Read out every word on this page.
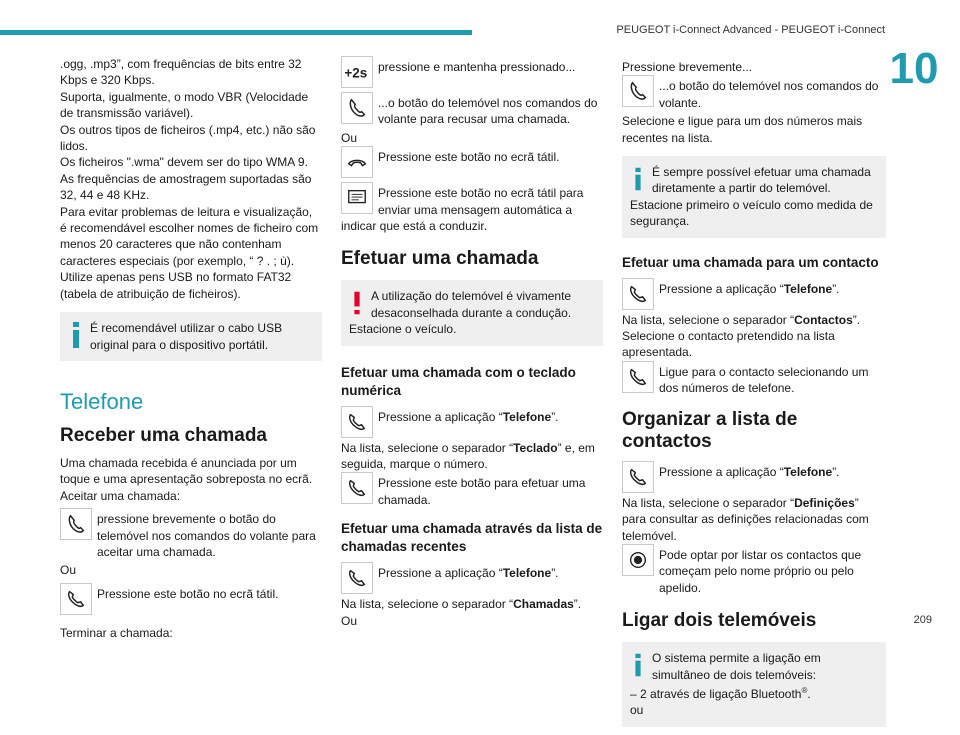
PEUGEOT i-Connect Advanced - PEUGEOT i-Connect
10
209

.ogg, .mp3”, com frequências de bits entre 32 Kbps e 320 Kbps.

Suporta, igualmente, o modo VBR (Velocidade de transmissão variável).

Os outros tipos de ficheiros (.mp4, etc.) não são lidos.

Os ficheiros ".wma" devem ser do tipo WMA 9.

As frequências de amostragem suportadas são 32, 44 e 48 KHz.

Para evitar problemas de leitura e visualização, é recomendável escolher nomes de ficheiro com menos 20 caracteres que não contenham caracteres especiais (por exemplo, “ ? . ; ù).

Utilize apenas pens USB no formato FAT32 (tabela de atribuição de ficheiros).

É recomendável utilizar o cabo USB original para o dispositivo portátil.
Telefone
Receber uma chamada

Uma chamada recebida é anunciada por um toque e uma apresentação sobreposta no ecrã.

Aceitar uma chamada:

pressione brevemente o botão do telemóvel nos comandos do volante para aceitar uma chamada.

Ou

Pressione este botão no ecrã tátil.

Terminar a chamada:

+2s pressione e mantenha pressionado...
...o botão do telemóvel nos comandos do volante para recusar uma chamada.

Ou

Pressione este botão no ecrã tátil.
Pressione este botão no ecrã tátil para enviar uma mensagem automática a indicar que está a conduzir.
Efetuar uma chamada
A utilização do telemóvel é vivamente desaconselhada durante a condução. Estacione o veículo.
Efetuar uma chamada com o teclado numérica
Pressione a aplicação “Telefone”.

Na lista, selecione o separador “Teclado” e, em seguida, marque o número.

Pressione este botão para efetuar uma chamada.
Efetuar uma chamada através da lista de chamadas recentes
Pressione a aplicação “Telefone”.

Na lista, selecione o separador “Chamadas”.

Ou

Pressione brevemente...

...o botão do telemóvel nos comandos do volante.

Selecione e ligue para um dos números mais recentes na lista.

É sempre possível efetuar uma chamada diretamente a partir do telemóvel. Estacione primeiro o veículo como medida de segurança.
Efetuar uma chamada para um contacto
Pressione a aplicação “Telefone”.

Na lista, selecione o separador “Contactos”.

Selecione o contacto pretendido na lista apresentada.

Ligue para o contacto selecionando um dos números de telefone.
Organizar a lista de contactos
Pressione a aplicação “Telefone”.

Na lista, selecione o separador “Definições” para consultar as definições relacionadas com telemóvel.

Pode optar por listar os contactos que começam pelo nome próprio ou pelo apelido.
Ligar dois telemóveis
O sistema permite a ligação em simultâneo de dois telemóveis:
– 2 através de ligação Bluetooth®.
ou
